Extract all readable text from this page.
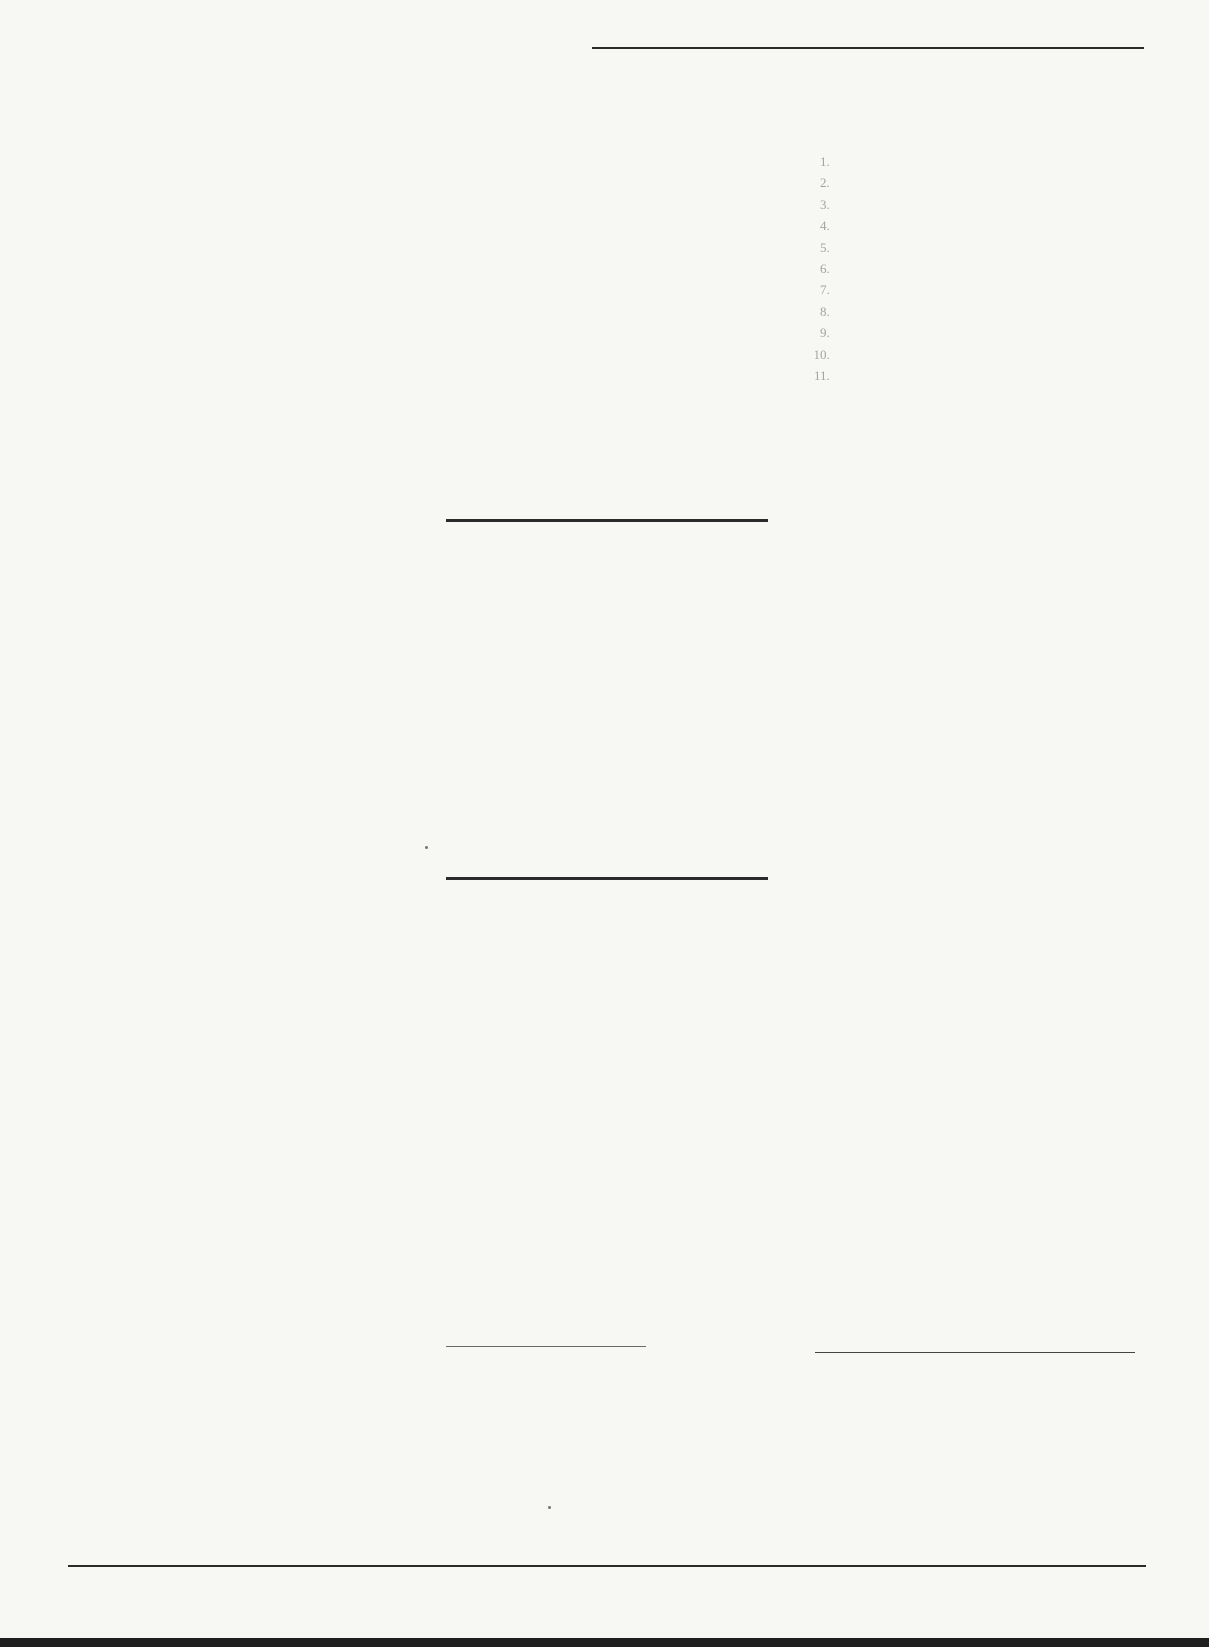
1.
2.
3.
4.
5.
6.
7.
8.
9.
10.
11.
